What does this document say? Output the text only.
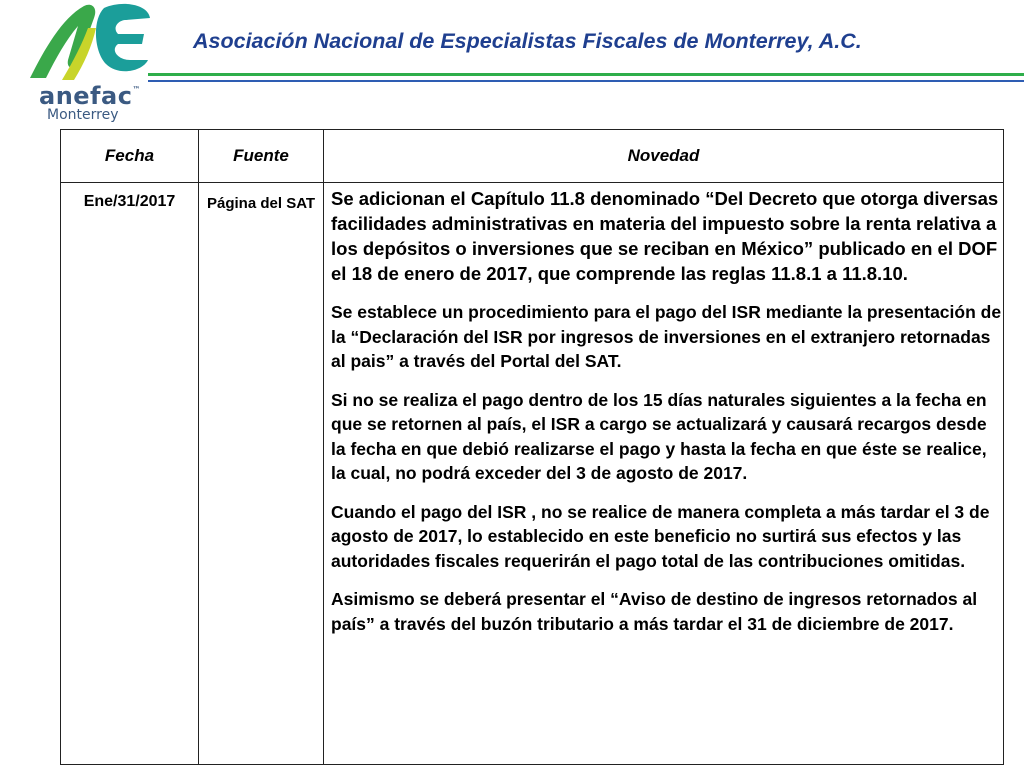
anefac™
Monterrey
Asociación Nacional de Especialistas Fiscales de Monterrey, A.C.
Fecha	Fuente	Novedad
Ene/31/2017	Página del SAT	Se adicionan el Capítulo 11.8 denominado “Del Decreto que otorga diversas facilidades administrativas en materia del impuesto sobre la renta relativa a los depósitos o inversiones que se reciban en México” publicado en el DOF el 18 de enero de 2017, que comprende las reglas 11.8.1 a 11.8.10.

Se establece un procedimiento para el pago del ISR mediante la presentación de la “Declaración del ISR por ingresos de inversiones en el extranjero retornadas al pais” a través del Portal del SAT.

Si no se realiza el pago dentro de los 15 días naturales siguientes a la fecha en que se retornen al país, el ISR a cargo se actualizará y causará recargos desde la fecha en que debió realizarse el pago y hasta la fecha en que éste se realice, la cual, no podrá exceder del 3 de agosto de 2017.

Cuando el pago del ISR , no se realice de manera completa a más tardar el 3 de agosto de 2017, lo establecido en este beneficio no surtirá sus efectos y las autoridades fiscales requerirán el pago total de las contribuciones omitidas.

Asimismo se deberá presentar el “Aviso de destino de ingresos retornados al país” a través del buzón tributario a más tardar el 31 de diciembre de 2017.
